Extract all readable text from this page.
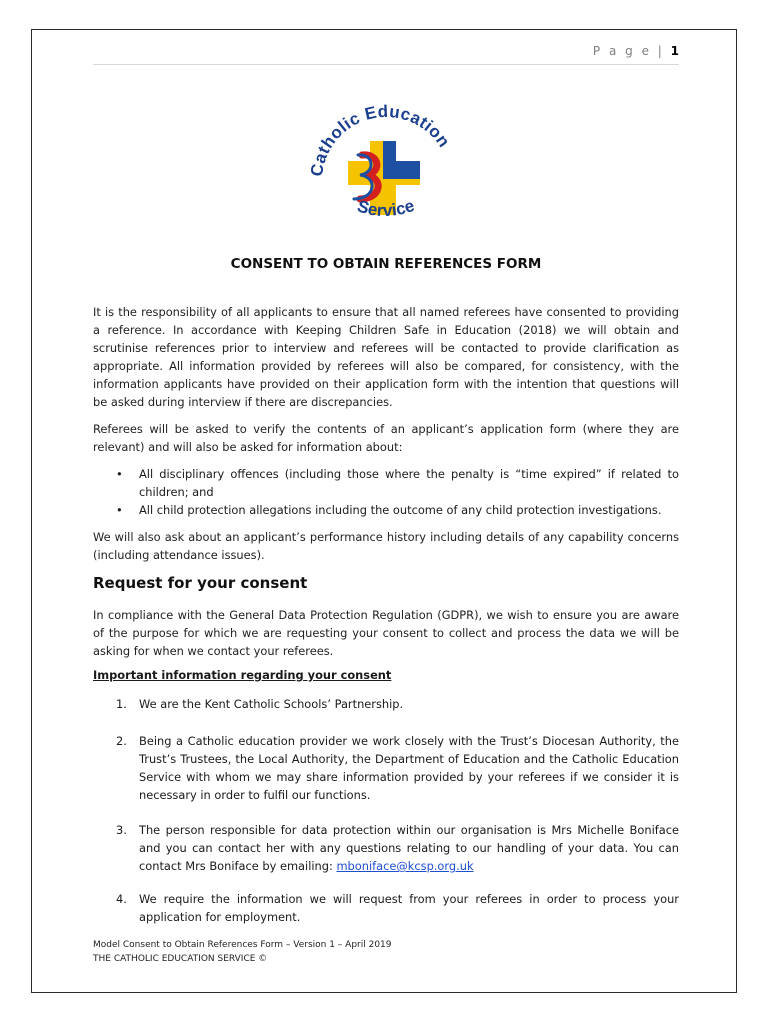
P a g e | 1
Catholic Education
Service
CONSENT TO OBTAIN REFERENCES FORM
It is the responsibility of all applicants to ensure that all named referees have consented to providing a reference. In accordance with Keeping Children Safe in Education (2018) we will obtain and scrutinise references prior to interview and referees will be contacted to provide clarification as appropriate. All information provided by referees will also be compared, for consistency, with the information applicants have provided on their application form with the intention that questions will be asked during interview if there are discrepancies.
Referees will be asked to verify the contents of an applicant’s application form (where they are relevant) and will also be asked for information about:
• All disciplinary offences (including those where the penalty is “time expired” if related to children; and
• All child protection allegations including the outcome of any child protection investigations.
We will also ask about an applicant’s performance history including details of any capability concerns (including attendance issues).
Request for your consent
In compliance with the General Data Protection Regulation (GDPR), we wish to ensure you are aware of the purpose for which we are requesting your consent to collect and process the data we will be asking for when we contact your referees.
Important information regarding your consent
1. We are the Kent Catholic Schools’ Partnership.
2. Being a Catholic education provider we work closely with the Trust’s Diocesan Authority, the Trust’s Trustees, the Local Authority, the Department of Education and the Catholic Education Service with whom we may share information provided by your referees if we consider it is necessary in order to fulfil our functions.
3. The person responsible for data protection within our organisation is Mrs Michelle Boniface and you can contact her with any questions relating to our handling of your data. You can contact Mrs Boniface by emailing: mboniface@kcsp.org.uk
4. We require the information we will request from your referees in order to process your application for employment.
Model Consent to Obtain References Form – Version 1 – April 2019
THE CATHOLIC EDUCATION SERVICE ©
